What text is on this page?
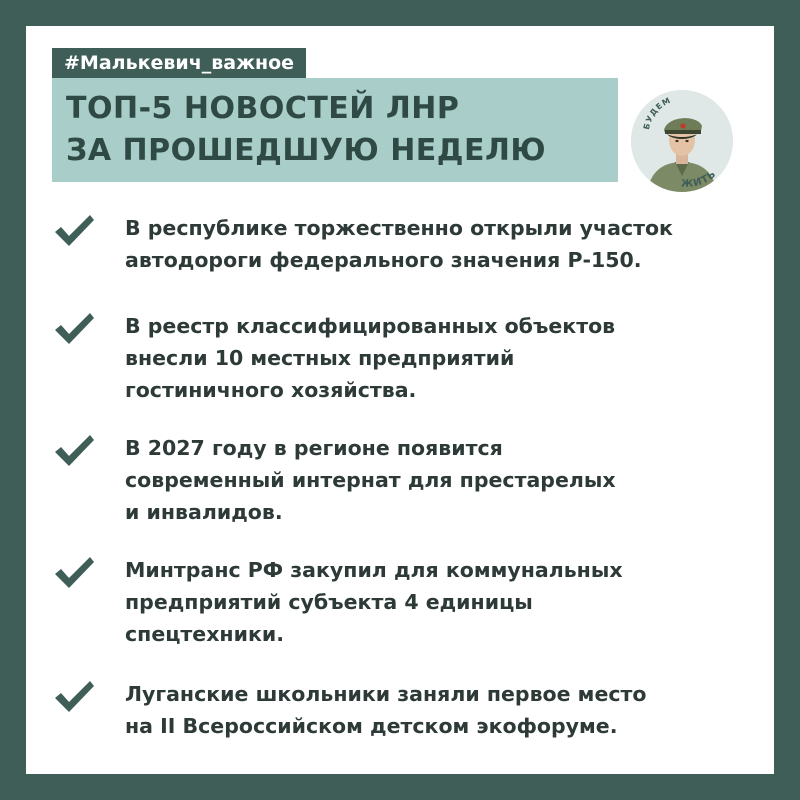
#Малькевич_важное
ТОП-5 НОВОСТЕЙ ЛНР
ЗА ПРОШЕДШУЮ НЕДЕЛЮ
БУДЕМ
ЖИТЬ
В республике торжественно открыли участок
автодороги федерального значения Р-150.
В реестр классифицированных объектов
внесли 10 местных предприятий
гостиничного хозяйства.
В 2027 году в регионе появится
современный интернат для престарелых
и инвалидов.
Минтранс РФ закупил для коммунальных
предприятий субъекта 4 единицы
спецтехники.
Луганские школьники заняли первое место
на II Всероссийском детском экофоруме.
